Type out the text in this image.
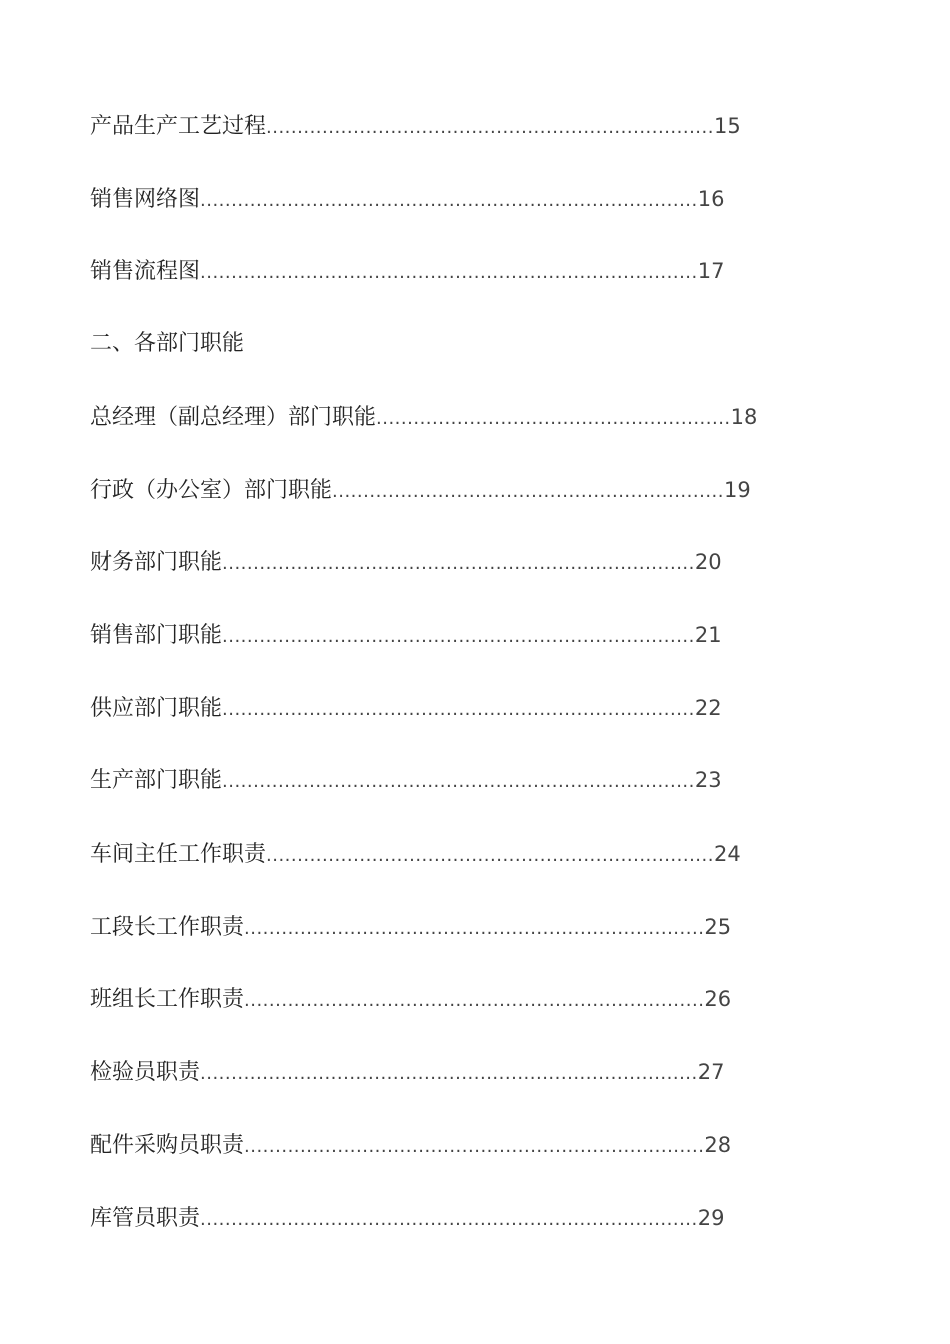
产品生产工艺过程........................................................................15
销售网络图................................................................................16
销售流程图................................................................................17
二、各部门职能
总经理（副总经理）部门职能.........................................................18
行政（办公室）部门职能...............................................................19
财务部门职能............................................................................20
销售部门职能............................................................................21
供应部门职能............................................................................22
生产部门职能............................................................................23
车间主任工作职责........................................................................24
工段长工作职责..........................................................................25
班组长工作职责..........................................................................26
检验员职责................................................................................27
配件采购员职责..........................................................................28
库管员职责................................................................................29
